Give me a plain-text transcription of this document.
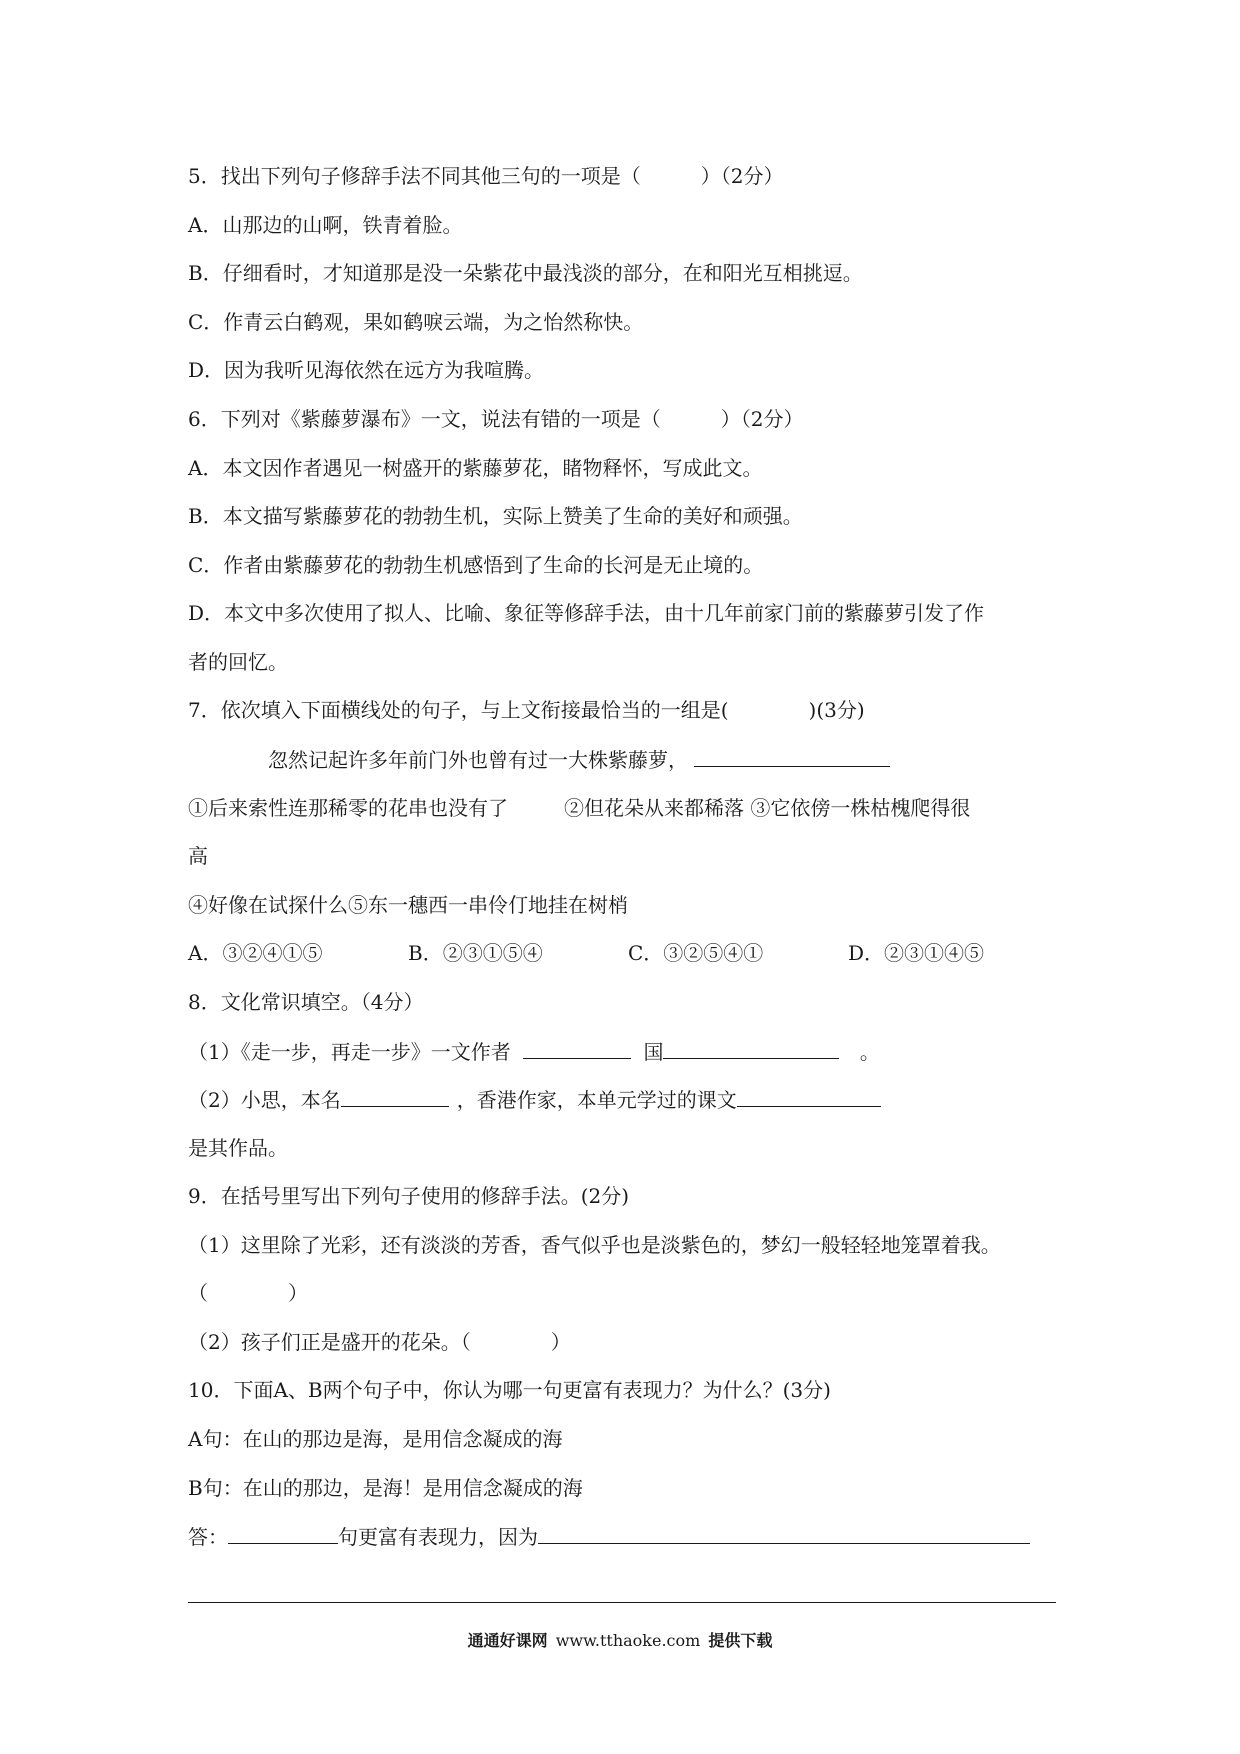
5．找出下列句子修辞手法不同其他三句的一项是（　　　）（2分）
A．山那边的山啊，铁青着脸。
B．仔细看时，才知道那是没一朵紫花中最浅淡的部分，在和阳光互相挑逗。
C．作青云白鹤观，果如鹤唳云端，为之怡然称快。
D．因为我听见海依然在远方为我喧腾。
6．下列对《紫藤萝瀑布》一文，说法有错的一项是（　　　）（2分）
A．本文因作者遇见一树盛开的紫藤萝花，睹物释怀，写成此文。
B．本文描写紫藤萝花的勃勃生机，实际上赞美了生命的美好和顽强。
C．作者由紫藤萝花的勃勃生机感悟到了生命的长河是无止境的。
D．本文中多次使用了拟人、比喻、象征等修辞手法，由十几年前家门前的紫藤萝引发了作
者的回忆。
7．依次填入下面横线处的句子，与上文衔接最恰当的一组是(　　　　)(3分)
忽然记起许多年前门外也曾有过一大株紫藤萝，
①后来索性连那稀零的花串也没有了	②但花朵从来都稀落 ③它依傍一株枯槐爬得很
高
④好像在试探什么⑤东一穗西一串伶仃地挂在树梢
A．③②④①⑤	B．②③①⑤④	C．③②⑤④①	D．②③①④⑤
8．文化常识填空。（4分）
（1）《走一步，再走一步》一文作者	国	。
（2）小思，本名	，香港作家，本单元学过的课文
是其作品。
9．在括号里写出下列句子使用的修辞手法。(2分)
（1）这里除了光彩，还有淡淡的芳香，香气似乎也是淡紫色的，梦幻一般轻轻地笼罩着我。
（　　　　）
（2）孩子们正是盛开的花朵。（　　　　）
10．下面A、B两个句子中，你认为哪一句更富有表现力？为什么？(3分)
A句：在山的那边是海，是用信念凝成的海
B句：在山的那边，是海！是用信念凝成的海
答：	句更富有表现力，因为
通通好课网 www.tthaoke.com 提供下载
